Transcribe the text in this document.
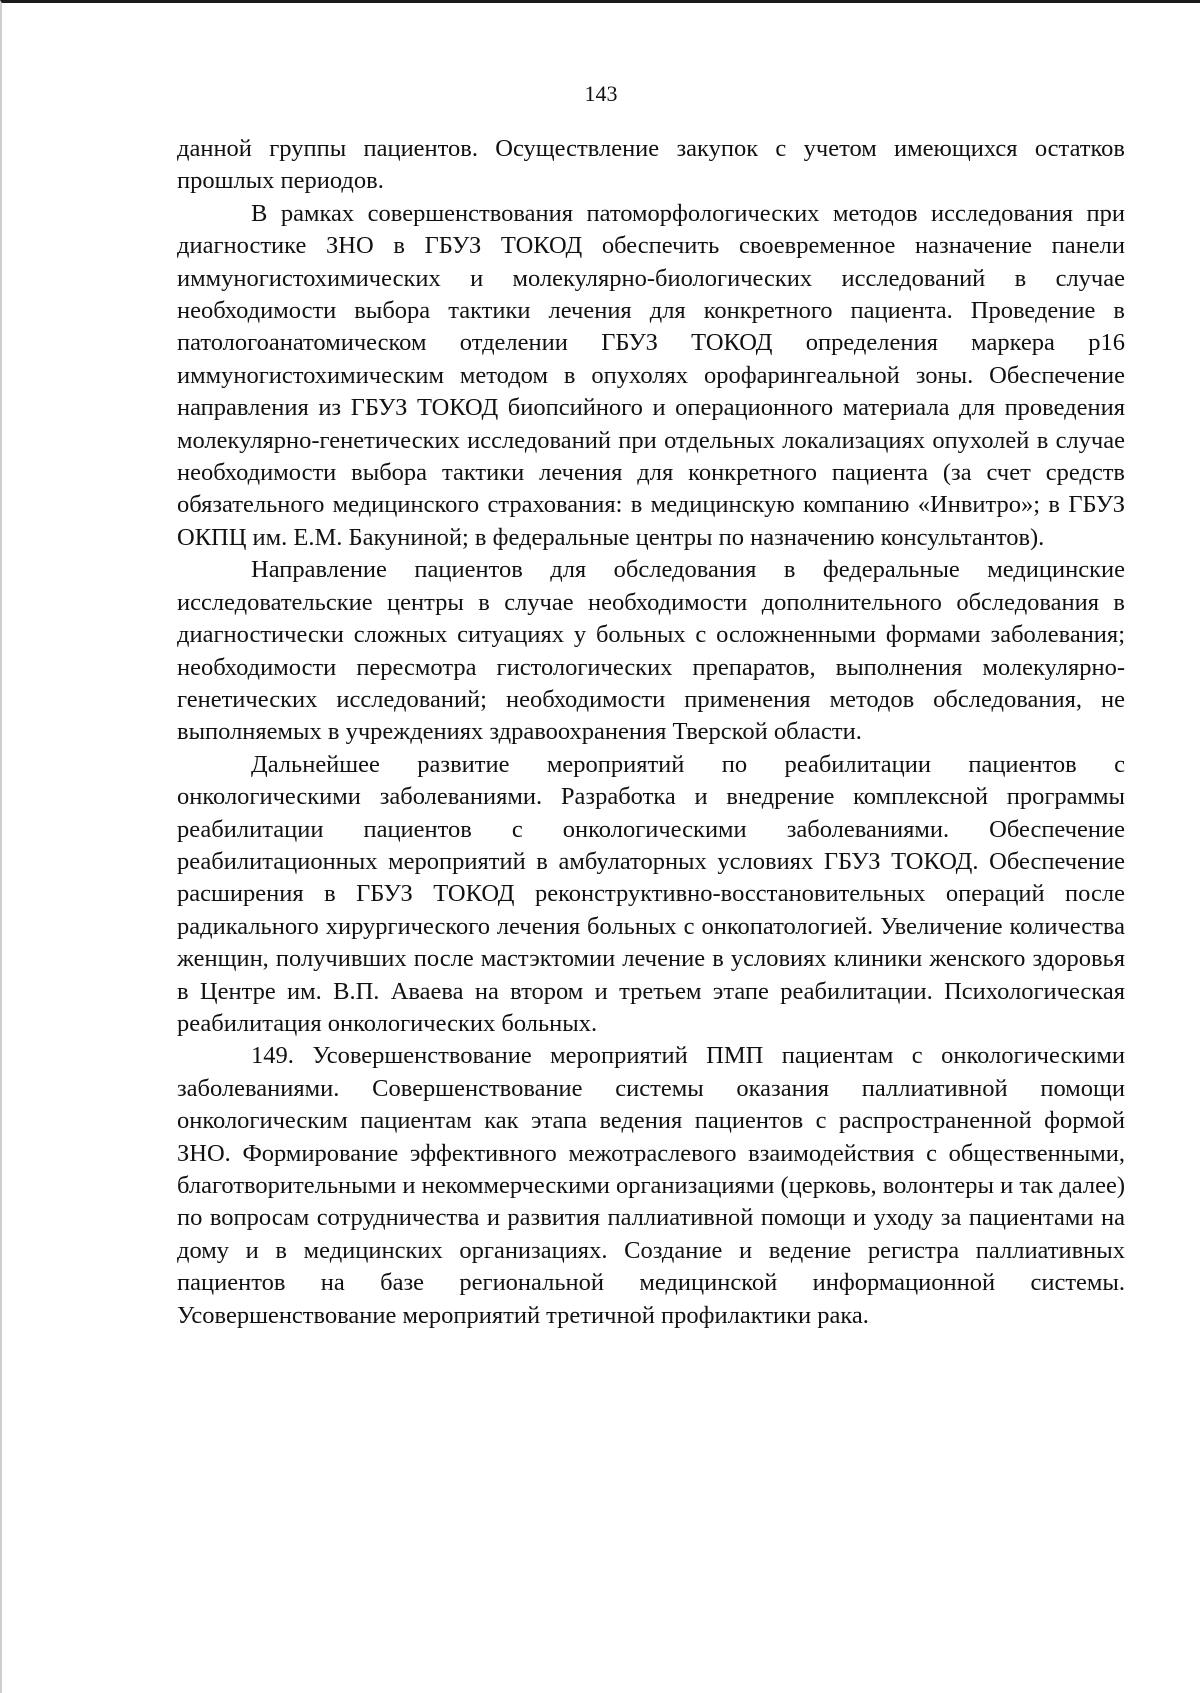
143

данной группы пациентов. Осуществление закупок с учетом имеющихся остатков прошлых периодов.

В рамках совершенствования патоморфологических методов исследования при диагностике ЗНО в ГБУЗ ТОКОД обеспечить своевременное назначение панели иммуногистохимических и молекулярно-биологических исследований в случае необходимости выбора тактики лечения для конкретного пациента. Проведение в патологоанатомическом отделении ГБУЗ ТОКОД определения маркера р16 иммуногистохимическим методом в опухолях орофарингеальной зоны. Обеспечение направления из ГБУЗ ТОКОД биопсийного и операционного материала для проведения молекулярно-генетических исследований при отдельных локализациях опухолей в случае необходимости выбора тактики лечения для конкретного пациента (за счет средств обязательного медицинского страхования: в медицинскую компанию «Инвитро»; в ГБУЗ ОКПЦ им. Е.М. Бакуниной; в федеральные центры по назначению консультантов).

Направление пациентов для обследования в федеральные медицинские исследовательские центры в случае необходимости дополнительного обследования в диагностически сложных ситуациях у больных с осложненными формами заболевания; необходимости пересмотра гистологических препаратов, выполнения молекулярно-генетических исследований; необходимости применения методов обследования, не выполняемых в учреждениях здравоохранения Тверской области.

Дальнейшее развитие мероприятий по реабилитации пациентов с онкологическими заболеваниями. Разработка и внедрение комплексной программы реабилитации пациентов с онкологическими заболеваниями. Обеспечение реабилитационных мероприятий в амбулаторных условиях ГБУЗ ТОКОД. Обеспечение расширения в ГБУЗ ТОКОД реконструктивно-восстановительных операций после радикального хирургического лечения больных с онкопатологией. Увеличение количества женщин, получивших после мастэктомии лечение в условиях клиники женского здоровья в Центре им. В.П. Аваева на втором и третьем этапе реабилитации. Психологическая реабилитация онкологических больных.

149. Усовершенствование мероприятий ПМП пациентам с онкологическими заболеваниями. Совершенствование системы оказания паллиативной помощи онкологическим пациентам как этапа ведения пациентов с распространенной формой ЗНО. Формирование эффективного межотраслевого взаимодействия с общественными, благотворительными и некоммерческими организациями (церковь, волонтеры и так далее) по вопросам сотрудничества и развития паллиативной помощи и уходу за пациентами на дому и в медицинских организациях. Создание и ведение регистра паллиативных пациентов на базе региональной медицинской информационной системы. Усовершенствование мероприятий третичной профилактики рака.
